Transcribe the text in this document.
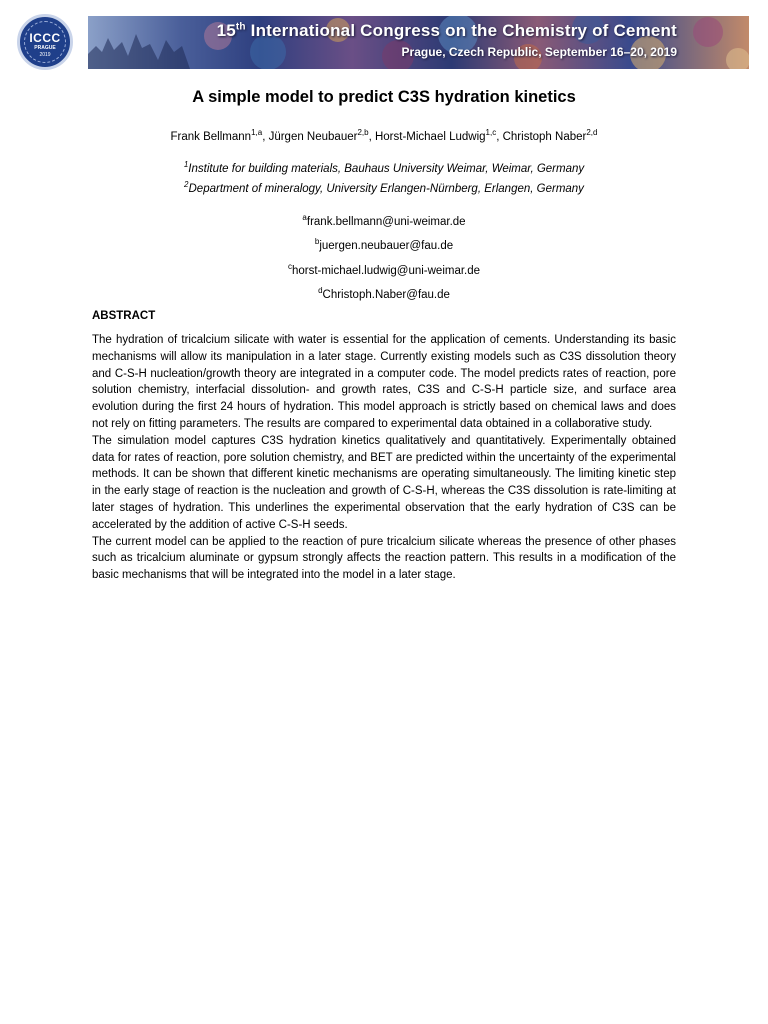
ICCC
PRAGUE
2019
15th International Congress on the Chemistry of Cement
Prague, Czech Republic, September 16–20, 2019
A simple model to predict C3S hydration kinetics
Frank Bellmann$^{1,a}$, Jürgen Neubauer$^{2,b}$, Horst-Michael Ludwig$^{1,c}$, Christoph Naber$^{2,d}$
$^1$Institute for building materials, Bauhaus University Weimar, Weimar, Germany
$^2$Department of mineralogy, University Erlangen-Nürnberg, Erlangen, Germany
$^a$frank.bellmann@uni-weimar.de
$^b$juergen.neubauer@fau.de
$^c$horst-michael.ludwig@uni-weimar.de
$^d$Christoph.Naber@fau.de
ABSTRACT

The hydration of tricalcium silicate with water is essential for the application of cements. Understanding its basic mechanisms will allow its manipulation in a later stage. Currently existing models such as C3S dissolution theory and C-S-H nucleation/growth theory are integrated in a computer code. The model predicts rates of reaction, pore solution chemistry, interfacial dissolution- and growth rates, C3S and C-S-H particle size, and surface area evolution during the first 24 hours of hydration. This model approach is strictly based on chemical laws and does not rely on fitting parameters. The results are compared to experimental data obtained in a collaborative study.

The simulation model captures C3S hydration kinetics qualitatively and quantitatively. Experimentally obtained data for rates of reaction, pore solution chemistry, and BET are predicted within the uncertainty of the experimental methods. It can be shown that different kinetic mechanisms are operating simultaneously. The limiting kinetic step in the early stage of reaction is the nucleation and growth of C-S-H, whereas the C3S dissolution is rate-limiting at later stages of hydration. This underlines the experimental observation that the early hydration of C3S can be accelerated by the addition of active C-S-H seeds.

The current model can be applied to the reaction of pure tricalcium silicate whereas the presence of other phases such as tricalcium aluminate or gypsum strongly affects the reaction pattern. This results in a modification of the basic mechanisms that will be integrated into the model in a later stage.
